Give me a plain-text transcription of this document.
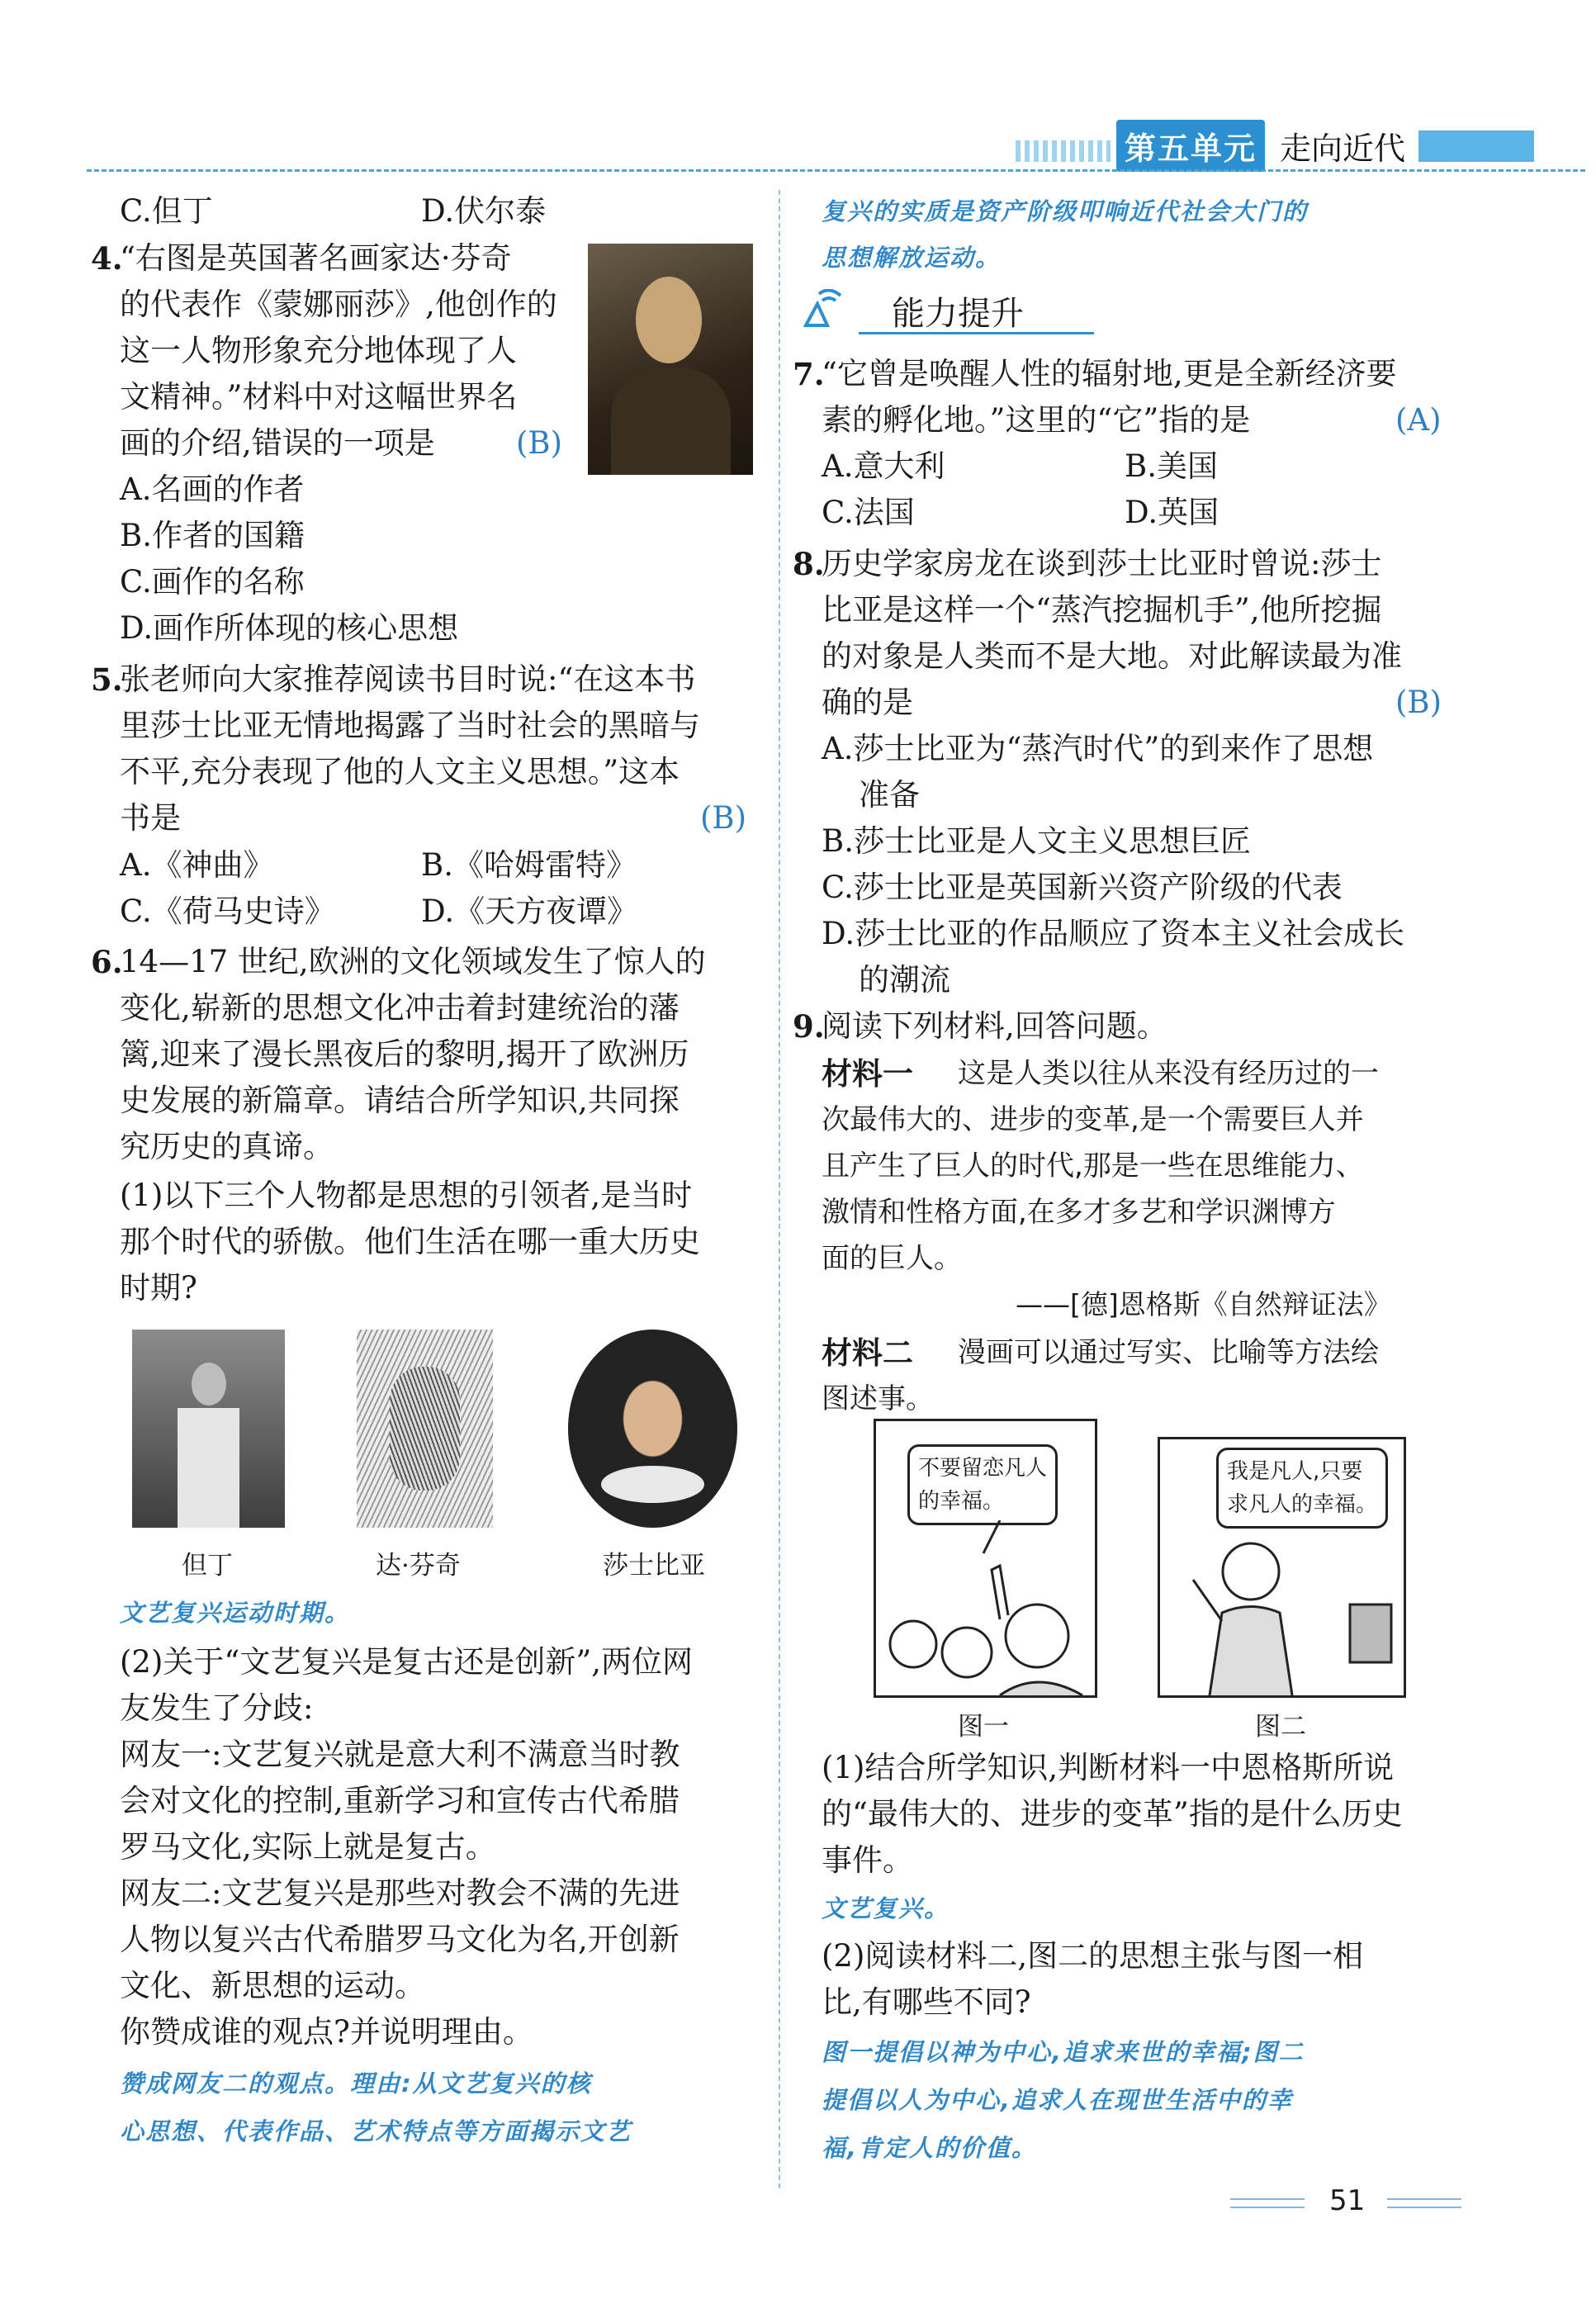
第五单元 走向近代
C.但丁	D.伏尔泰
4.
“右图是英国著名画家达·芬奇
的代表作《蒙娜丽莎》,他创作的
这一人物形象充分地体现了人
文精神。”材料中对这幅世界名
画的介绍,错误的一项是	(B)
A.名画的作者
B.作者的国籍
C.画作的名称
D.画作所体现的核心思想
5.
张老师向大家推荐阅读书目时说:“在这本书
里莎士比亚无情地揭露了当时社会的黑暗与
不平,充分表现了他的人文主义思想。”这本
书是	(B)
A.《神曲》	B.《哈姆雷特》
C.《荷马史诗》	D.《天方夜谭》
6.
14—17 世纪,欧洲的文化领域发生了惊人的
变化,崭新的思想文化冲击着封建统治的藩
篱,迎来了漫长黑夜后的黎明,揭开了欧洲历
史发展的新篇章。请结合所学知识,共同探
究历史的真谛。
(1)以下三个人物都是思想的引领者,是当时
那个时代的骄傲。他们生活在哪一重大历史
时期?
但丁	达·芬奇	莎士比亚
文艺复兴运动时期。
(2)关于“文艺复兴是复古还是创新”,两位网
友发生了分歧:
网友一:文艺复兴就是意大利不满意当时教
会对文化的控制,重新学习和宣传古代希腊
罗马文化,实际上就是复古。
网友二:文艺复兴是那些对教会不满的先进
人物以复兴古代希腊罗马文化为名,开创新
文化、新思想的运动。
你赞成谁的观点?并说明理由。
赞成网友二的观点。理由:从文艺复兴的核
心思想、代表作品、艺术特点等方面揭示文艺
复兴的实质是资产阶级叩响近代社会大门的
思想解放运动。
能力提升
7.
“它曾是唤醒人性的辐射地,更是全新经济要
素的孵化地。”这里的“它”指的是	(A)
A.意大利	B.美国
C.法国	D.英国
8.
历史学家房龙在谈到莎士比亚时曾说:莎士
比亚是这样一个“蒸汽挖掘机手”,他所挖掘
的对象是人类而不是大地。对此解读最为准
确的是	(B)
A.莎士比亚为“蒸汽时代”的到来作了思想
准备
B.莎士比亚是人文主义思想巨匠
C.莎士比亚是英国新兴资产阶级的代表
D.莎士比亚的作品顺应了资本主义社会成长
的潮流
9.
阅读下列材料,回答问题。
材料一 这是人类以往从来没有经历过的一
次最伟大的、进步的变革,是一个需要巨人并
且产生了巨人的时代,那是一些在思维能力、
激情和性格方面,在多才多艺和学识渊博方
面的巨人。
——[德]恩格斯《自然辩证法》
材料二 漫画可以通过写实、比喻等方法绘
图述事。
不要留恋凡人
的幸福。
我是凡人,只要
求凡人的幸福。
图一	图二
(1)结合所学知识,判断材料一中恩格斯所说
的“最伟大的、进步的变革”指的是什么历史
事件。
文艺复兴。
(2)阅读材料二,图二的思想主张与图一相
比,有哪些不同?
图一提倡以神为中心,追求来世的幸福;图二
提倡以人为中心,追求人在现世生活中的幸
福,肯定人的价值。
51
